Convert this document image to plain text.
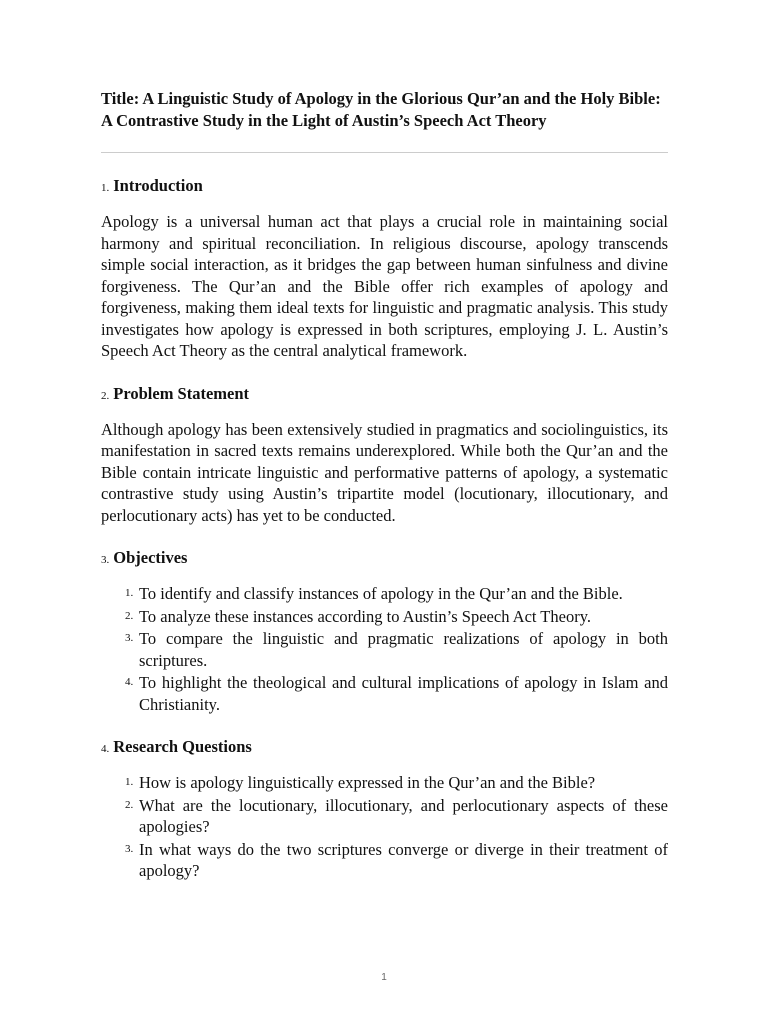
Title: A Linguistic Study of Apology in the Glorious Qur’an and the Holy Bible:
A Contrastive Study in the Light of Austin’s Speech Act Theory
1. Introduction

Apology is a universal human act that plays a crucial role in maintaining social harmony and spiritual reconciliation. In religious discourse, apology transcends simple social interaction, as it bridges the gap between human sinfulness and divine forgiveness. The Qur’an and the Bible offer rich examples of apology and forgiveness, making them ideal texts for linguistic and pragmatic analysis. This study investigates how apology is expressed in both scriptures, employing J. L. Austin’s Speech Act Theory as the central analytical framework.

2. Problem Statement

Although apology has been extensively studied in pragmatics and sociolinguistics, its manifestation in sacred texts remains underexplored. While both the Qur’an and the Bible contain intricate linguistic and performative patterns of apology, a systematic contrastive study using Austin’s tripartite model (locutionary, illocutionary, and perlocutionary acts) has yet to be conducted.

3. Objectives
1. To identify and classify instances of apology in the Qur’an and the Bible.
2. To analyze these instances according to Austin’s Speech Act Theory.
3. To compare the linguistic and pragmatic realizations of apology in both scriptures.
4. To highlight the theological and cultural implications of apology in Islam and Christianity.
4. Research Questions
1. How is apology linguistically expressed in the Qur’an and the Bible?
2. What are the locutionary, illocutionary, and perlocutionary aspects of these apologies?
3. In what ways do the two scriptures converge or diverge in their treatment of apology?
1
